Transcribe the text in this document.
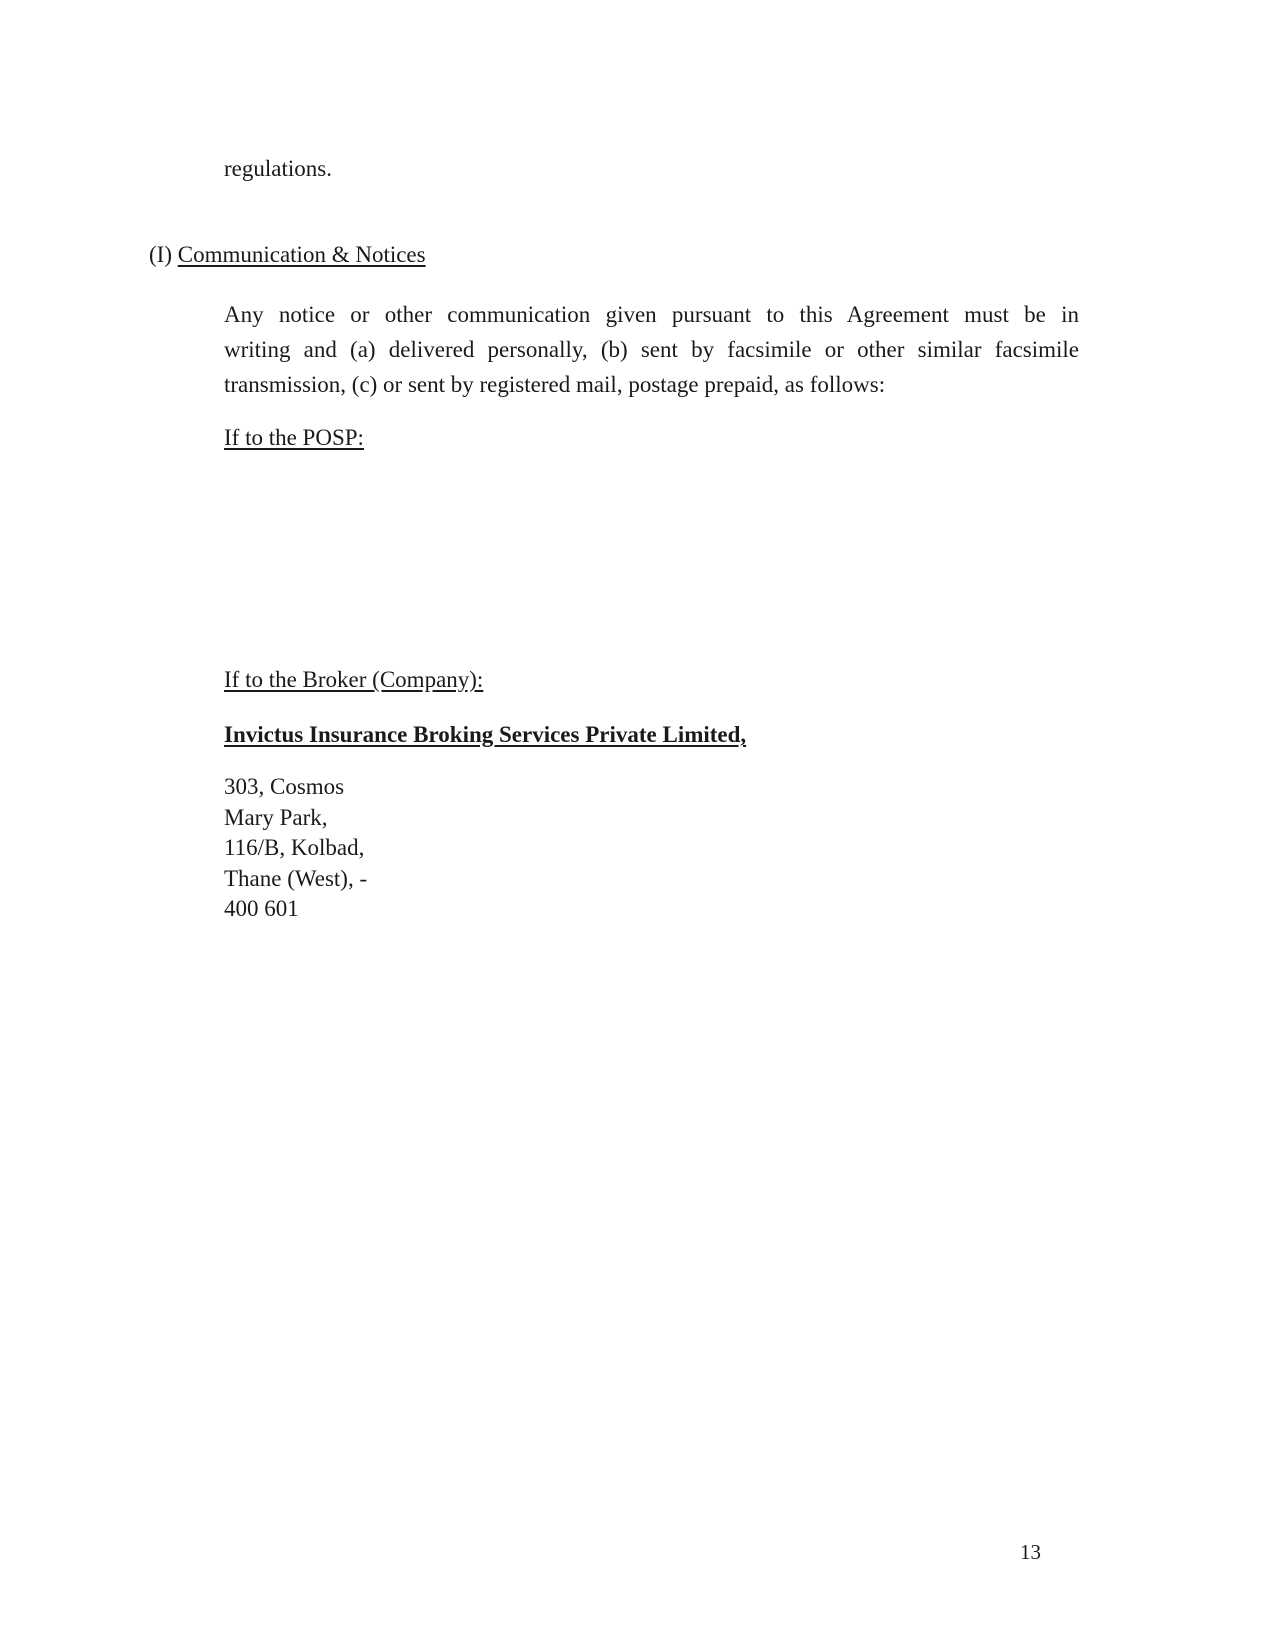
regulations.

(I) Communication & Notices

Any notice or other communication given pursuant to this Agreement must be in
writing and (a) delivered personally, (b) sent by facsimile or other similar facsimile
transmission, (c) or sent by registered mail, postage prepaid, as follows:

If to the POSP:

If to the Broker (Company):

Invictus Insurance Broking Services Private Limited,

303, Cosmos
Mary Park,
116/B, Kolbad,
Thane (West), -
400 601

13
